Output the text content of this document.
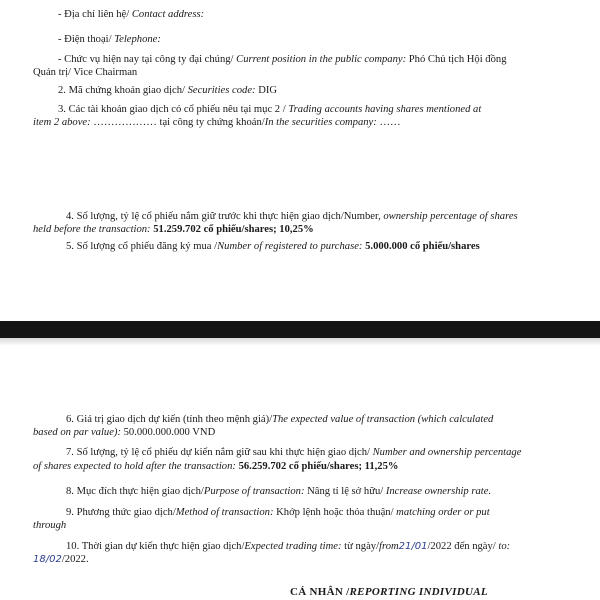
- Địa chỉ liên hệ/ Contact address:
- Điện thoại/ Telephone:
- Chức vụ hiện nay tại công ty đại chúng/ Current position in the public company: Phó Chủ tịch Hội đồng
Quản trị/ Vice Chairman
2. Mã chứng khoán giao dịch/ Securities code: DIG
3. Các tài khoản giao dịch có cổ phiếu nêu tại mục 2 / Trading accounts having shares mentioned at
item 2 above: ……………… tại công ty chứng khoán/In the securities company: ……
4. Số lượng, tỷ lệ cổ phiếu nắm giữ trước khi thực hiện giao dịch/Number, ownership percentage of shares
held before the transaction: 51.259.702 cổ phiếu/shares; 10,25%
5. Số lượng cổ phiếu đăng ký mua /Number of registered to purchase: 5.000.000 cổ phiếu/shares
6. Giá trị giao dịch dự kiến (tính theo mệnh giá)/The expected value of transaction (which calculated
based on par value): 50.000.000.000 VND
7. Số lượng, tỷ lệ cổ phiếu dự kiến nắm giữ sau khi thực hiện giao dịch/ Number and ownership percentage
of shares expected to hold after the transaction: 56.259.702 cổ phiếu/shares; 11,25%
8. Mục đích thực hiện giao dịch/Purpose of transaction: Nâng tỉ lệ sở hữu/ Increase ownership rate.
9. Phương thức giao dịch/Method of transaction: Khớp lệnh hoặc thỏa thuận/ matching order or put
through
10. Thời gian dự kiến thực hiện giao dịch/Expected trading time: từ ngày/from21/01/2022 đến ngày/ to:
18/02/2022.
CÁ NHÂN /REPORTING INDIVIDUAL
